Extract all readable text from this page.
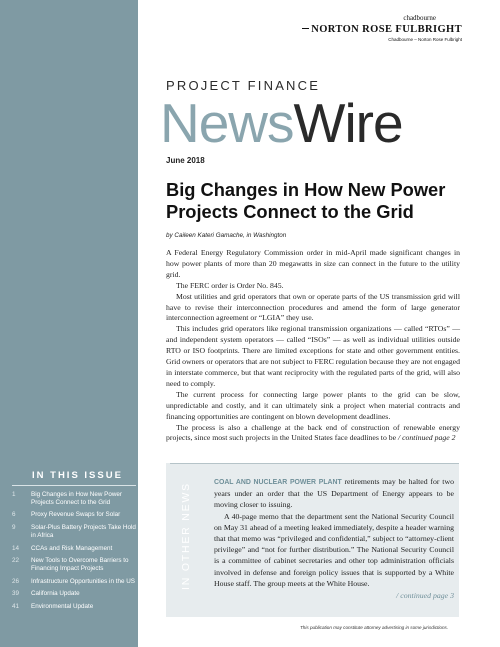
IN THIS ISSUE
1	Big Changes in How New Power Projects Connect to the Grid
6	Proxy Revenue Swaps for Solar
9	Solar-Plus Battery Projects Take Hold in Africa
14	CCAs and Risk Management
22	New Tools to Overcome Barriers to Financing Impact Projects
26	Infrastructure Opportunities in the US
39	California Update
41	Environmental Update
chadbourne
NORTON ROSE FULBRIGHT
Chadbourne – Norton Rose Fulbright
PROJECT FINANCE
NewsWire
June 2018
Big Changes in How New Power Projects Connect to the Grid
by Caileen Kateri Gamache, in Washington

A Federal Energy Regulatory Commission order in mid-April made significant changes in how power plants of more than 20 megawatts in size can connect in the future to the utility grid.

The FERC order is Order No. 845.

Most utilities and grid operators that own or operate parts of the US transmission grid will have to revise their interconnection procedures and amend the form of large generator interconnection agreement or “LGIA” they use.

This includes grid operators like regional transmission organizations — called “RTOs” — and independent system operators — called “ISOs” — as well as individual utilities outside RTO or ISO footprints. There are limited exceptions for state and other government entities. Grid owners or operators that are not subject to FERC regulation because they are not engaged in interstate commerce, but that want reciprocity with the regulated parts of the grid, will also need to comply.

The current process for connecting large power plants to the grid can be slow, unpredictable and costly, and it can ultimately sink a project when material contracts and financing opportunities are contingent on blown development deadlines.

The process is also a challenge at the back end of construction of renewable energy projects, since most such projects in the United States face deadlines to be / continued page 2

IN OTHER NEWS	COAL AND NUCLEAR POWER PLANT retirements may be halted for two years under an order that the US Department of Energy appears to be moving closer to issuing.

A 40-page memo that the department sent the National Security Council on May 31 ahead of a meeting leaked immediately, despite a header warning that that memo was “privileged and confidential,” subject to “attorney-client privilege” and “not for further distribution.” The National Security Council is a committee of cabinet secretaries and other top administration officials involved in defense and foreign policy issues that is supported by a White House staff. The group meets at the White House.

/ continued page 3
This publication may constitute attorney advertising in some jurisdictions.
